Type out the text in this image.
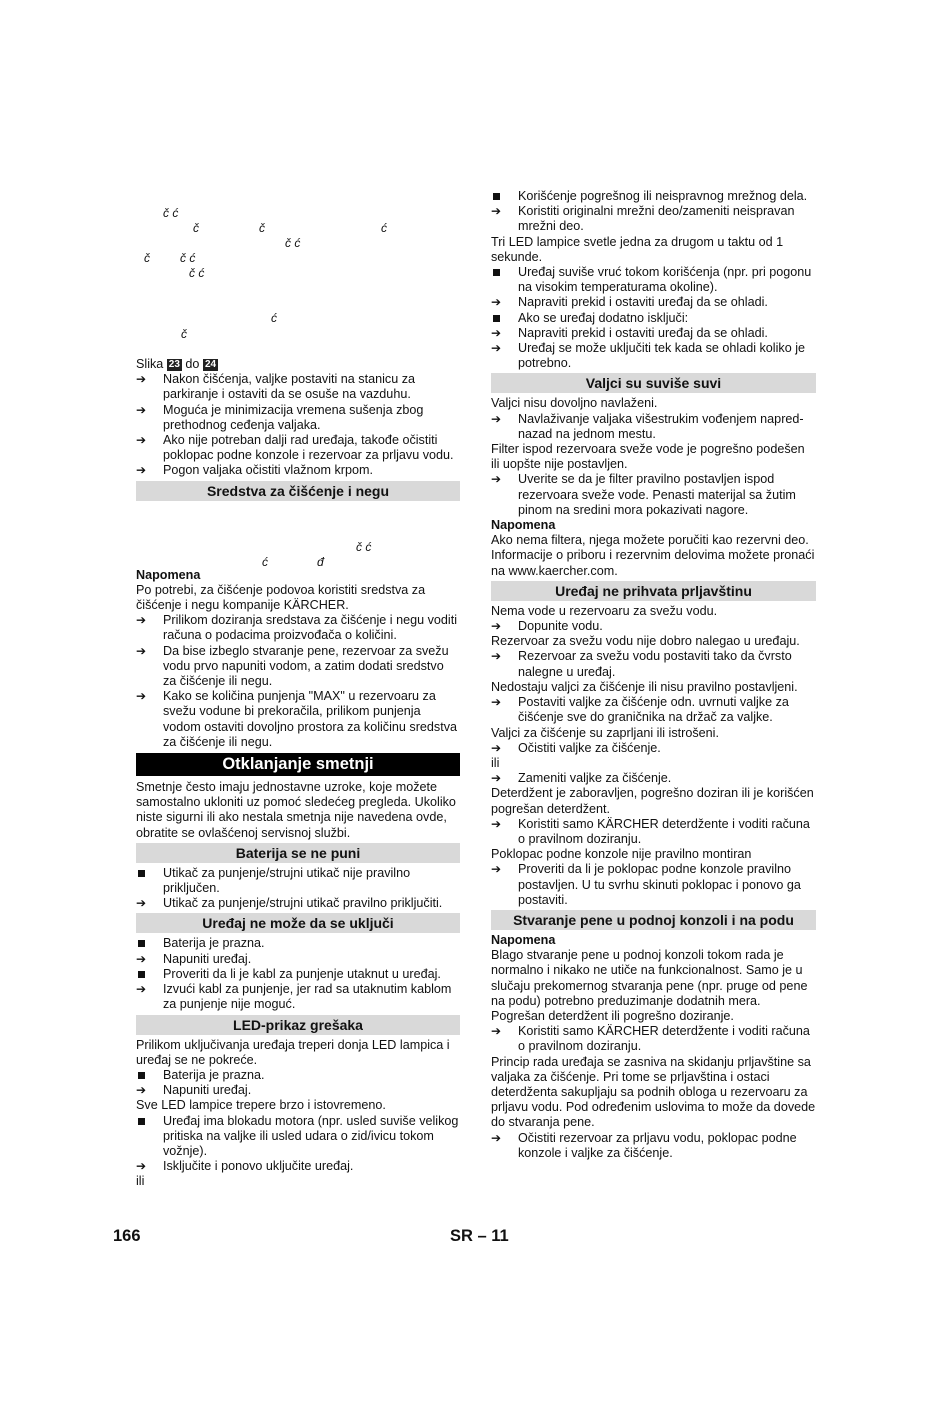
č ć
č	č	ć
č ć
č	č ć
č ć
ć
č
č ć
ć	đ

Slika 23 do 24

➔ Nakon čišćenja, valjke postaviti na stanicu za parkiranje i ostaviti da se osuše na vazduhu.

➔ Moguća je minimizacija vremena sušenja zbog prethodnog ceđenja valjaka.

➔ Ako nije potreban dalji rad uređaja, takođe očistiti poklopac podne konzole i rezervoar za prljavu vodu.

➔ Pogon valjaka očistiti vlažnom krpom.

Sredstva za čišćenje i negu

Napomena

Po potrebi, za čišćenje podovoa koristiti sredstva za čišćenje i negu kompanije KÄRCHER.

➔ Prilikom doziranja sredstava za čišćenje i negu voditi računa o podacima proizvođača o količini.

➔ Da bise izbeglo stvaranje pene, rezervoar za svežu vodu prvo napuniti vodom, a zatim dodati sredstvo za čišćenje ili negu.

➔ Kako se količina punjenja "MAX" u rezervoaru za svežu vodune bi prekoračila, prilikom punjenja vodom ostaviti dovoljno prostora za količinu sredstva za čišćenje ili negu.

Otklanjanje smetnji

Smetnje često imaju jednostavne uzroke, koje možete samostalno ukloniti uz pomoć sledećeg pregleda. Ukoliko niste sigurni ili ako nestala smetnja nije navedena ovde, obratite se ovlašćenoj servisnoj službi.

Baterija se ne puni

Utikač za punjenje/strujni utikač nije pravilno priključen.

➔ Utikač za punjenje/strujni utikač pravilno priključiti.

Uređaj ne može da se uključi

Baterija je prazna.

➔ Napuniti uređaj.

Proveriti da li je kabl za punjenje utaknut u uređaj.

➔ Izvući kabl za punjenje, jer rad sa utaknutim kablom za punjenje nije moguć.

LED-prikaz grešaka

Prilikom uključivanja uređaja treperi donja LED lampica i uređaj se ne pokreće.

Baterija je prazna.

➔ Napuniti uređaj.

Sve LED lampice trepere brzo i istovremeno.

Uređaj ima blokadu motora (npr. usled suviše velikog pritiska na valjke ili usled udara o zid/ivicu tokom vožnje).

➔ Isključite i ponovo uključite uređaj.

ili

Korišćenje pogrešnog ili neispravnog mrežnog dela.

➔ Koristiti originalni mrežni deo/zameniti neispravan mrežni deo.

Tri LED lampice svetle jedna za drugom u taktu od 1 sekunde.

Uređaj suviše vruć tokom korišćenja (npr. pri pogonu na visokim temperaturama okoline).

➔ Napraviti prekid i ostaviti uređaj da se ohladi.

Ako se uređaj dodatno isključi:

➔ Napraviti prekid i ostaviti uređaj da se ohladi.

➔ Uređaj se može uključiti tek kada se ohladi koliko je potrebno.

Valjci su suviše suvi

Valjci nisu dovoljno navlaženi.

➔ Navlaživanje valjaka višestrukim vođenjem napred-nazad na jednom mestu.

Filter ispod rezervoara sveže vode je pogrešno podešen ili uopšte nije postavljen.

➔ Uverite se da je filter pravilno postavljen ispod rezervoara sveže vode. Penasti materijal sa žutim pinom na sredini mora pokazivati nagore.

Napomena

Ako nema filtera, njega možete poručiti kao rezervni deo.

Informacije o priboru i rezervnim delovima možete pronaći na www.kaercher.com.

Uređaj ne prihvata prljavštinu

Nema vode u rezervoaru za svežu vodu.

➔ Dopunite vodu.

Rezervoar za svežu vodu nije dobro nalegao u uređaju.

➔ Rezervoar za svežu vodu postaviti tako da čvrsto nalegne u uređaj.

Nedostaju valjci za čišćenje ili nisu pravilno postavljeni.

➔ Postaviti valjke za čišćenje odn. uvrnuti valjke za čišćenje sve do graničnika na držač za valjke.

Valjci za čišćenje su zaprljani ili istrošeni.

➔ Očistiti valjke za čišćenje.

ili

➔ Zameniti valjke za čišćenje.

Deterdžent je zaboravljen, pogrešno doziran ili je korišćen pogrešan deterdžent.

➔ Koristiti samo KÄRCHER deterdžente i voditi računa o pravilnom doziranju.

Poklopac podne konzole nije pravilno montiran

➔ Proveriti da li je poklopac podne konzole pravilno postavljen. U tu svrhu skinuti poklopac i ponovo ga postaviti.

Stvaranje pene u podnoj konzoli i na podu

Napomena

Blago stvaranje pene u podnoj konzoli tokom rada je normalno i nikako ne utiče na funkcionalnost. Samo je u slučaju prekomernog stvaranja pene (npr. pruge od pene na podu) potrebno preduzimanje dodatnih mera.

Pogrešan deterdžent ili pogrešno doziranje.

➔ Koristiti samo KÄRCHER deterdžente i voditi računa o pravilnom doziranju.

Princip rada uređaja se zasniva na skidanju prljavštine sa valjaka za čišćenje. Pri tome se prljavština i ostaci deterdženta sakupljaju sa podnih obloga u rezervoaru za prljavu vodu. Pod određenim uslovima to može da dovede do stvaranja pene.

➔ Očistiti rezervoar za prljavu vodu, poklopac podne konzole i valjke za čišćenje.

166	SR – 11
